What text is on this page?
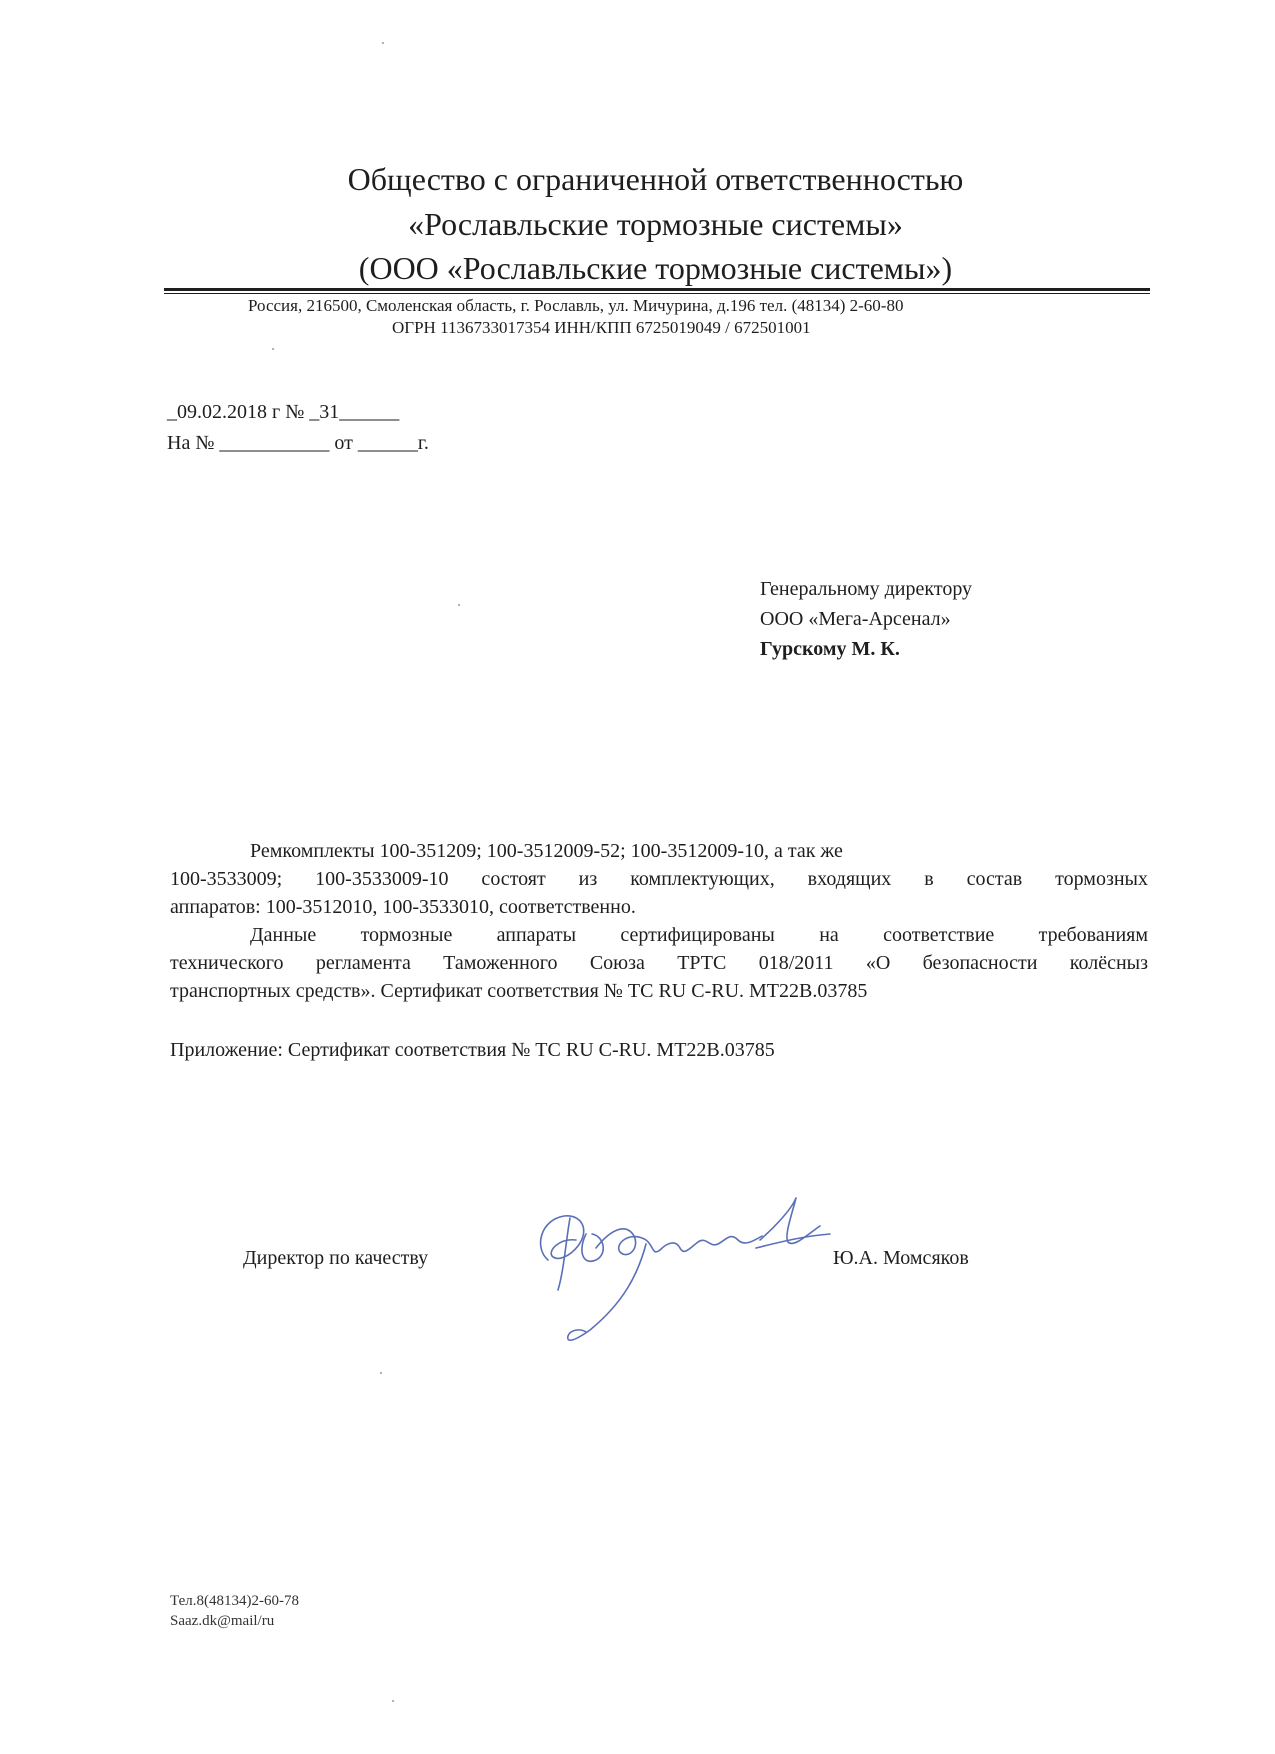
Общество с ограниченной ответственностью
«Рославльские тормозные системы»
(ООО «Рославльские тормозные системы»)
Россия, 216500, Смоленская область, г. Рославль, ул. Мичурина, д.196 тел. (48134) 2-60-80
ОГРН 1136733017354 ИНН/КПП 6725019049 / 672501001
_09.02.2018 г № _31______
На № ___________ от ______г.
Генеральному директору
ООО «Мега-Арсенал»
Гурскому М. К.
Ремкомплекты 100-351209; 100-3512009-52; 100-3512009-10, а так же
100-3533009; 100-3533009-10 состоят из комплектующих, входящих в состав тормозных
аппаратов: 100-3512010, 100-3533010, соответственно.
Данные тормозные аппараты сертифицированы на соответствие требованиям
технического регламента Таможенного Союза ТРТС 018/2011 «О безопасности колёсныз
транспортных средств». Сертификат соответствия № ТС RU C-RU. МТ22В.03785
Приложение: Сертификат соответствия № ТС RU C-RU. МТ22В.03785
Директор по качеству	Ю.А. Момсяков
Тел.8(48134)2-60-78
Saaz.dk@mail/ru
